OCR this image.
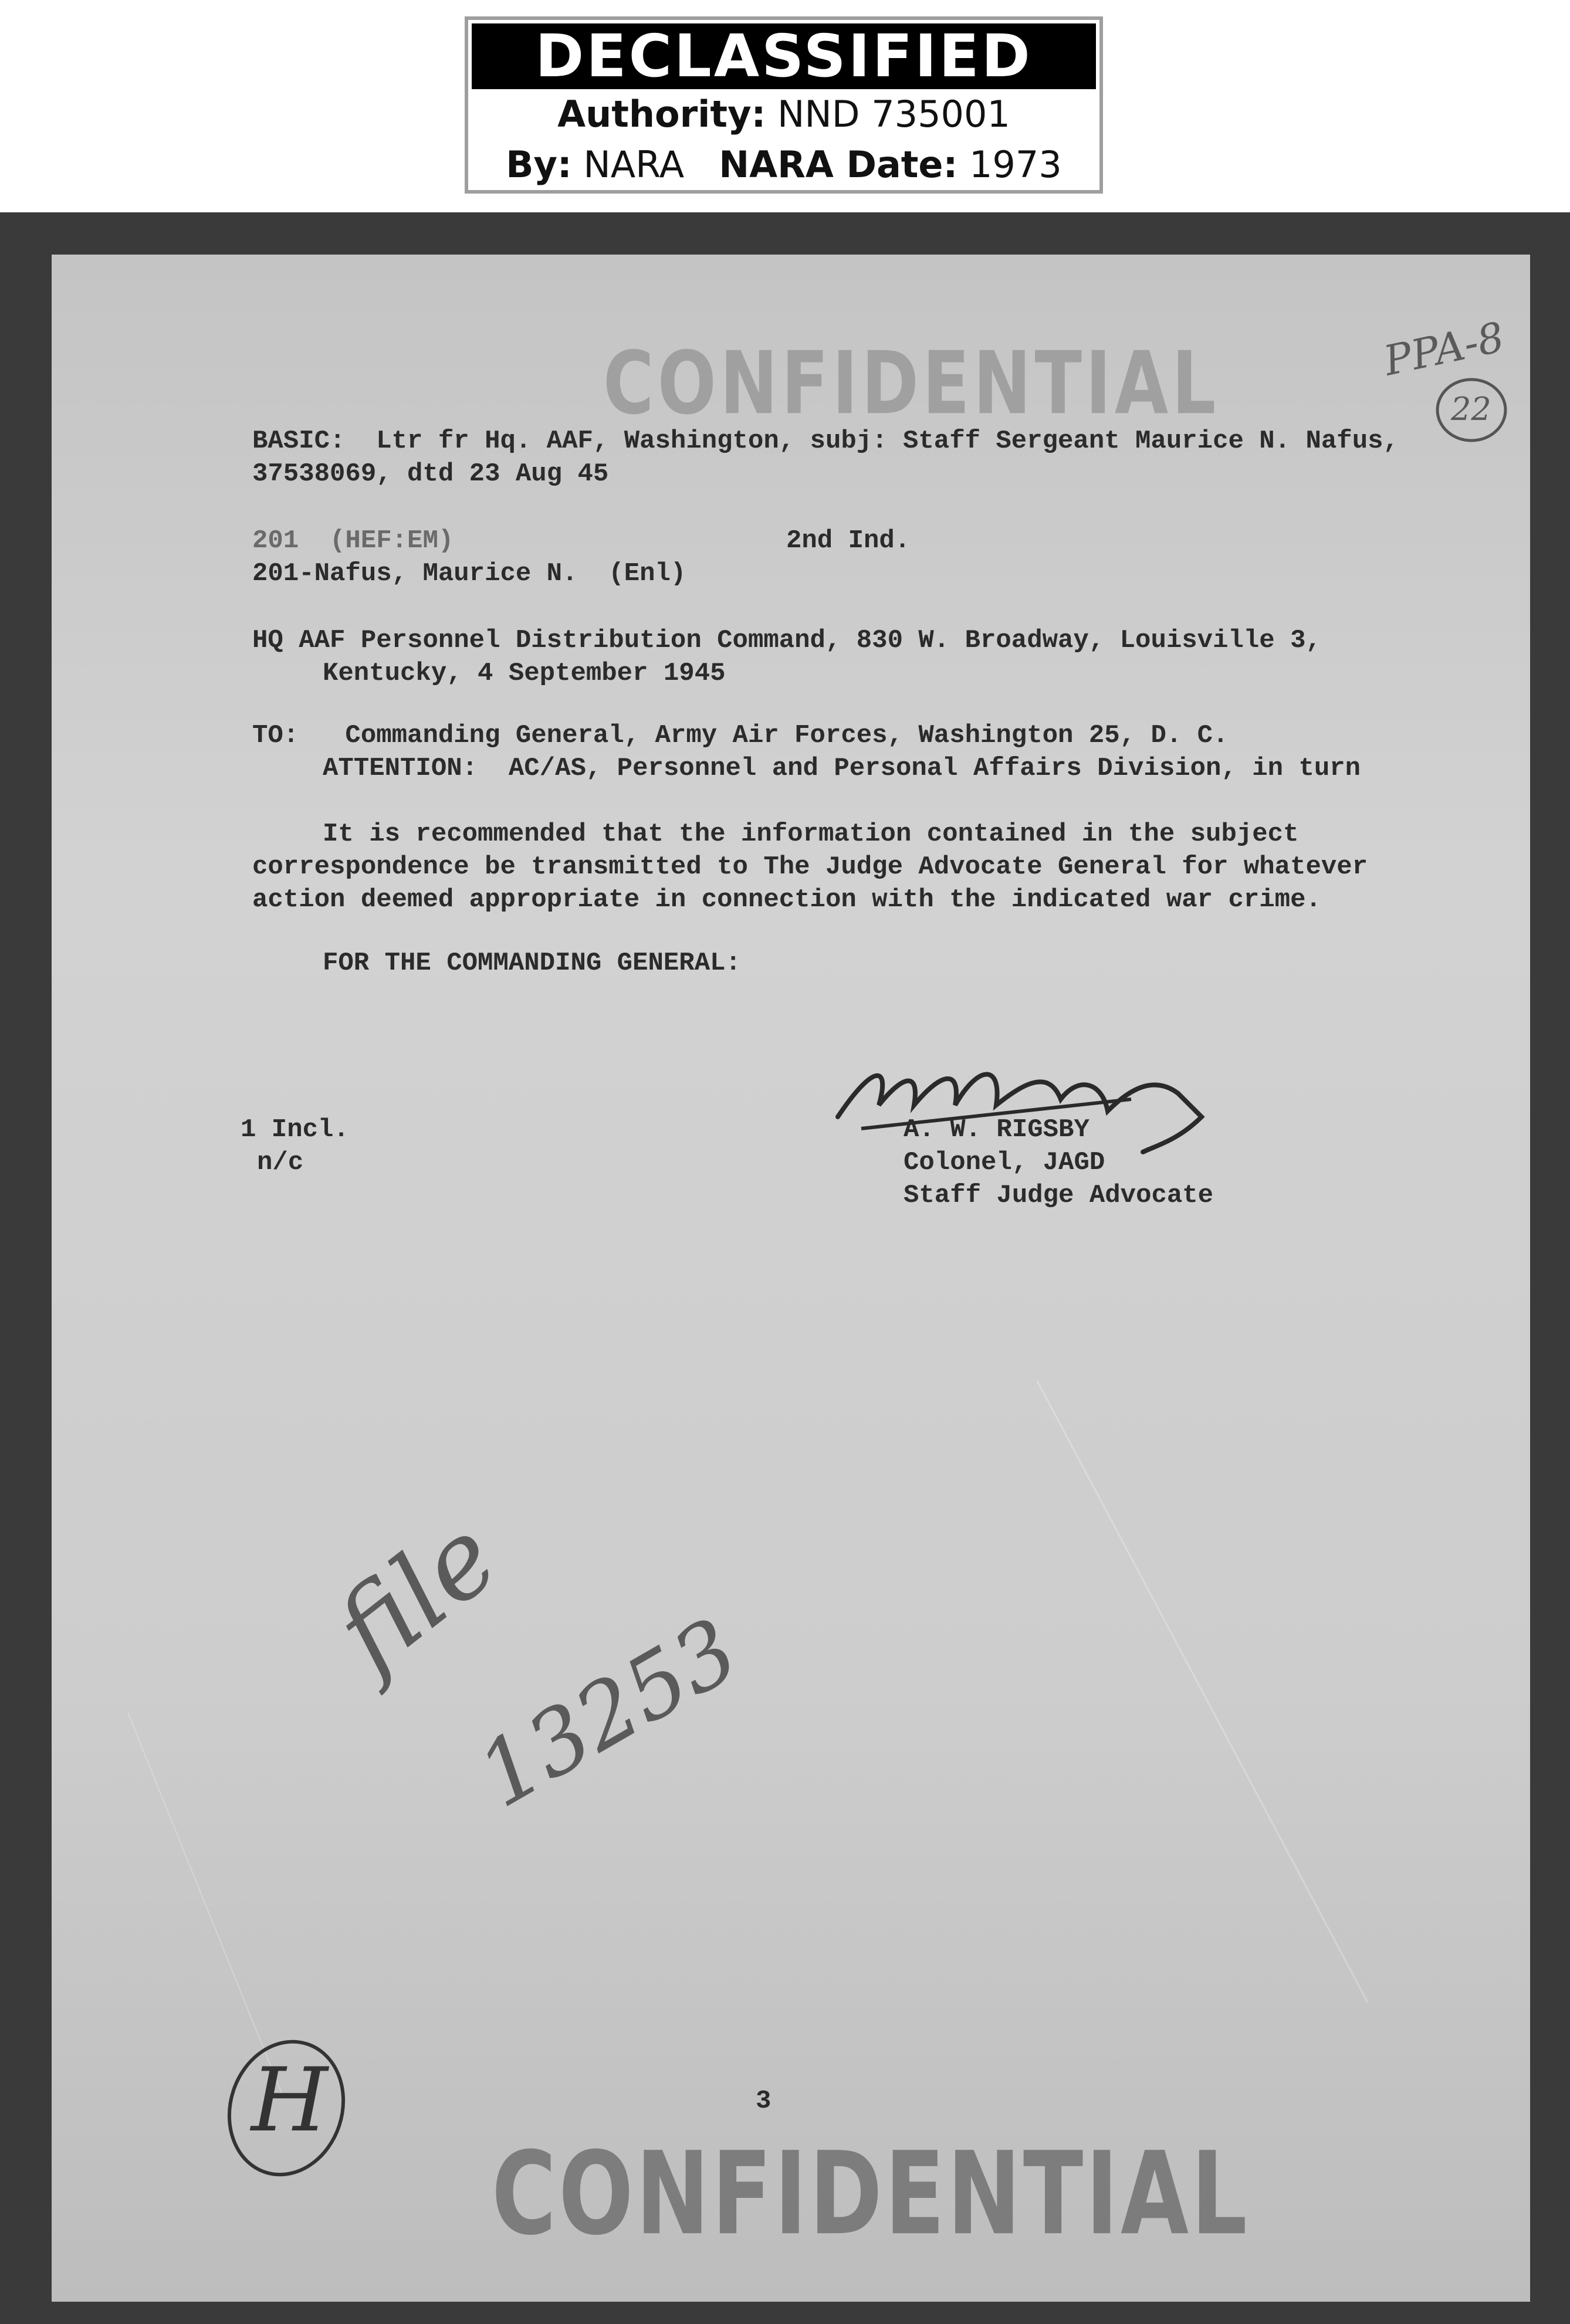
DECLASSIFIED
Authority: NND 735001
By: NARA NARA Date: 1973
CONFIDENTIAL
BASIC:  Ltr fr Hq. AAF, Washington, subj: Staff Sergeant Maurice N. Nafus,
37538069, dtd 23 Aug 45
201  (HEF:EM)	2nd Ind.
201-Nafus, Maurice N.  (Enl)
HQ AAF Personnel Distribution Command, 830 W. Broadway, Louisville 3,
Kentucky, 4 September 1945
TO:   Commanding General, Army Air Forces, Washington 25, D. C.
ATTENTION:  AC/AS, Personnel and Personal Affairs Division, in turn
It is recommended that the information contained in the subject
correspondence be transmitted to The Judge Advocate General for whatever
action deemed appropriate in connection with the indicated war crime.
FOR THE COMMANDING GENERAL:
1 Incl.
n/c
A. W. RIGSBY
Colonel, JAGD
Staff Judge Advocate
3
CONFIDENTIAL
PPA-8
22
file
13253
H
